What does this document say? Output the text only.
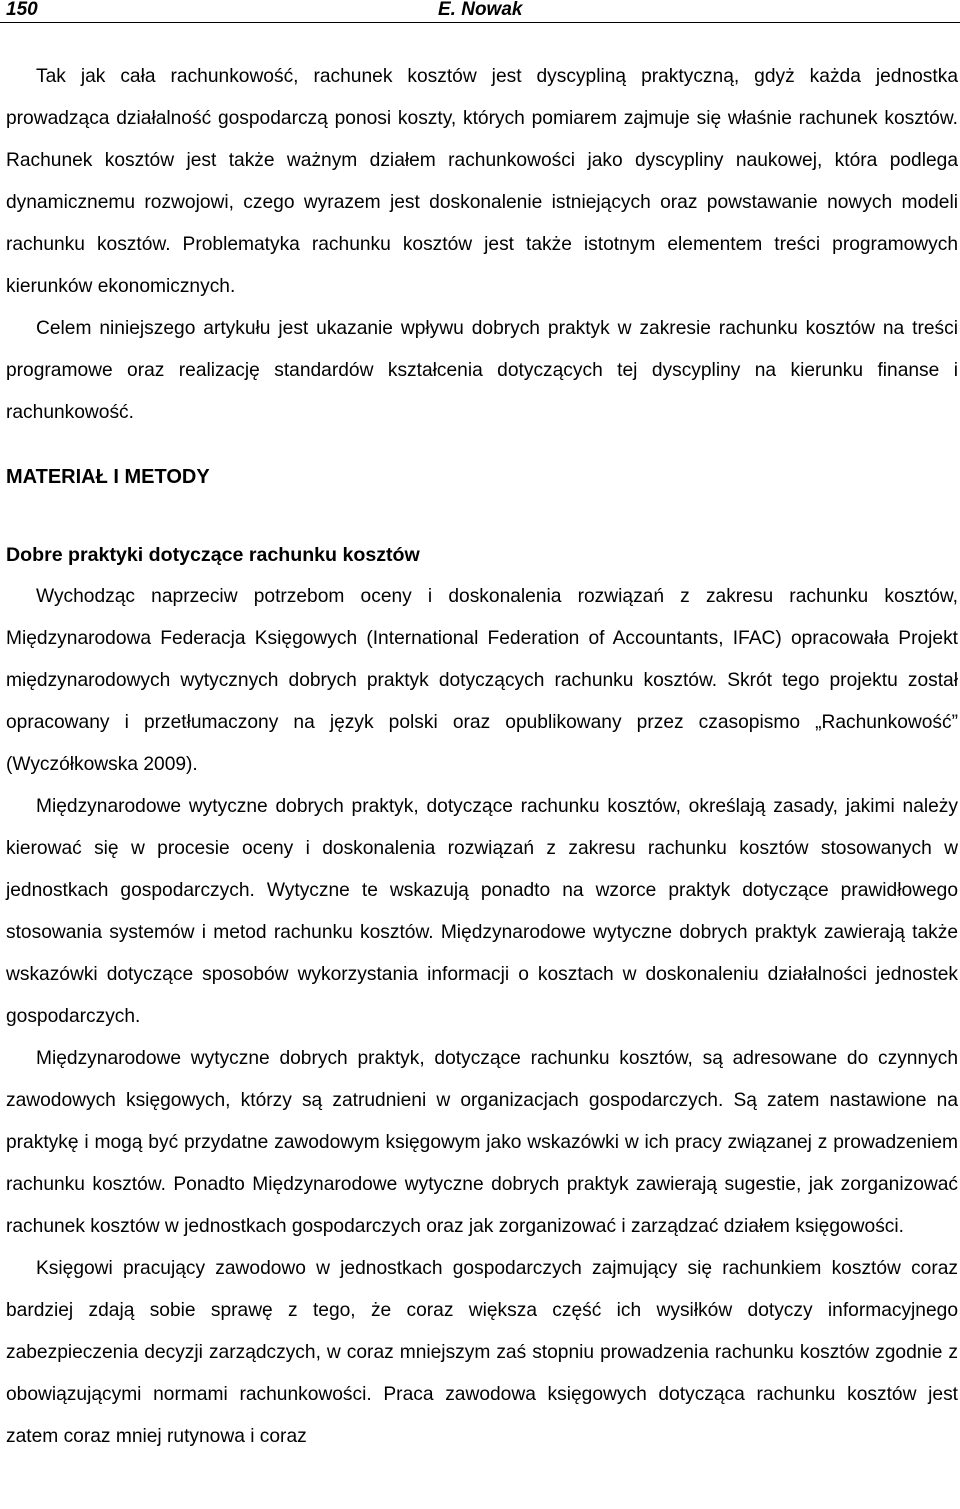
150	E. Nowak

Tak jak cała rachunkowość, rachunek kosztów jest dyscypliną praktyczną, gdyż każda jednostka prowadząca działalność gospodarczą ponosi koszty, których pomiarem zajmuje się właśnie rachunek kosztów. Rachunek kosztów jest także ważnym działem rachunkowości jako dyscypliny naukowej, która podlega dynamicznemu rozwojowi, czego wyrazem jest doskonalenie istniejących oraz powstawanie nowych modeli rachunku kosztów. Problematyka rachunku kosztów jest także istotnym elementem treści programowych kierunków ekonomicznych.

Celem niniejszego artykułu jest ukazanie wpływu dobrych praktyk w zakresie rachunku kosztów na treści programowe oraz realizację standardów kształcenia dotyczących tej dyscypliny na kierunku finanse i rachunkowość.

MATERIAŁ I METODY
Dobre praktyki dotyczące rachunku kosztów

Wychodząc naprzeciw potrzebom oceny i doskonalenia rozwiązań z zakresu rachunku kosztów, Międzynarodowa Federacja Księgowych (International Federation of Accountants, IFAC) opracowała Projekt międzynarodowych wytycznych dobrych praktyk dotyczących rachunku kosztów. Skrót tego projektu został opracowany i przetłumaczony na język polski oraz opublikowany przez czasopismo „Rachunkowość” (Wyczółkowska 2009).

Międzynarodowe wytyczne dobrych praktyk, dotyczące rachunku kosztów, określają zasady, jakimi należy kierować się w procesie oceny i doskonalenia rozwiązań z zakresu rachunku kosztów stosowanych w jednostkach gospodarczych. Wytyczne te wskazują ponadto na wzorce praktyk dotyczące prawidłowego stosowania systemów i metod rachunku kosztów. Międzynarodowe wytyczne dobrych praktyk zawierają także wskazówki dotyczące sposobów wykorzystania informacji o kosztach w doskonaleniu działalności jednostek gospodarczych.

Międzynarodowe wytyczne dobrych praktyk, dotyczące rachunku kosztów, są adresowane do czynnych zawodowych księgowych, którzy są zatrudnieni w organizacjach gospodarczych. Są zatem nastawione na praktykę i mogą być przydatne zawodowym księgowym jako wskazówki w ich pracy związanej z prowadzeniem rachunku kosztów. Ponadto Międzynarodowe wytyczne dobrych praktyk zawierają sugestie, jak zorganizować rachunek kosztów w jednostkach gospodarczych oraz jak zorganizować i zarządzać działem księgowości.

Księgowi pracujący zawodowo w jednostkach gospodarczych zajmujący się rachunkiem kosztów coraz bardziej zdają sobie sprawę z tego, że coraz większa część ich wysiłków dotyczy informacyjnego zabezpieczenia decyzji zarządczych, w coraz mniejszym zaś stopniu prowadzenia rachunku kosztów zgodnie z obowiązującymi normami rachunkowości. Praca zawodowa księgowych dotycząca rachunku kosztów jest zatem coraz mniej rutynowa i coraz
